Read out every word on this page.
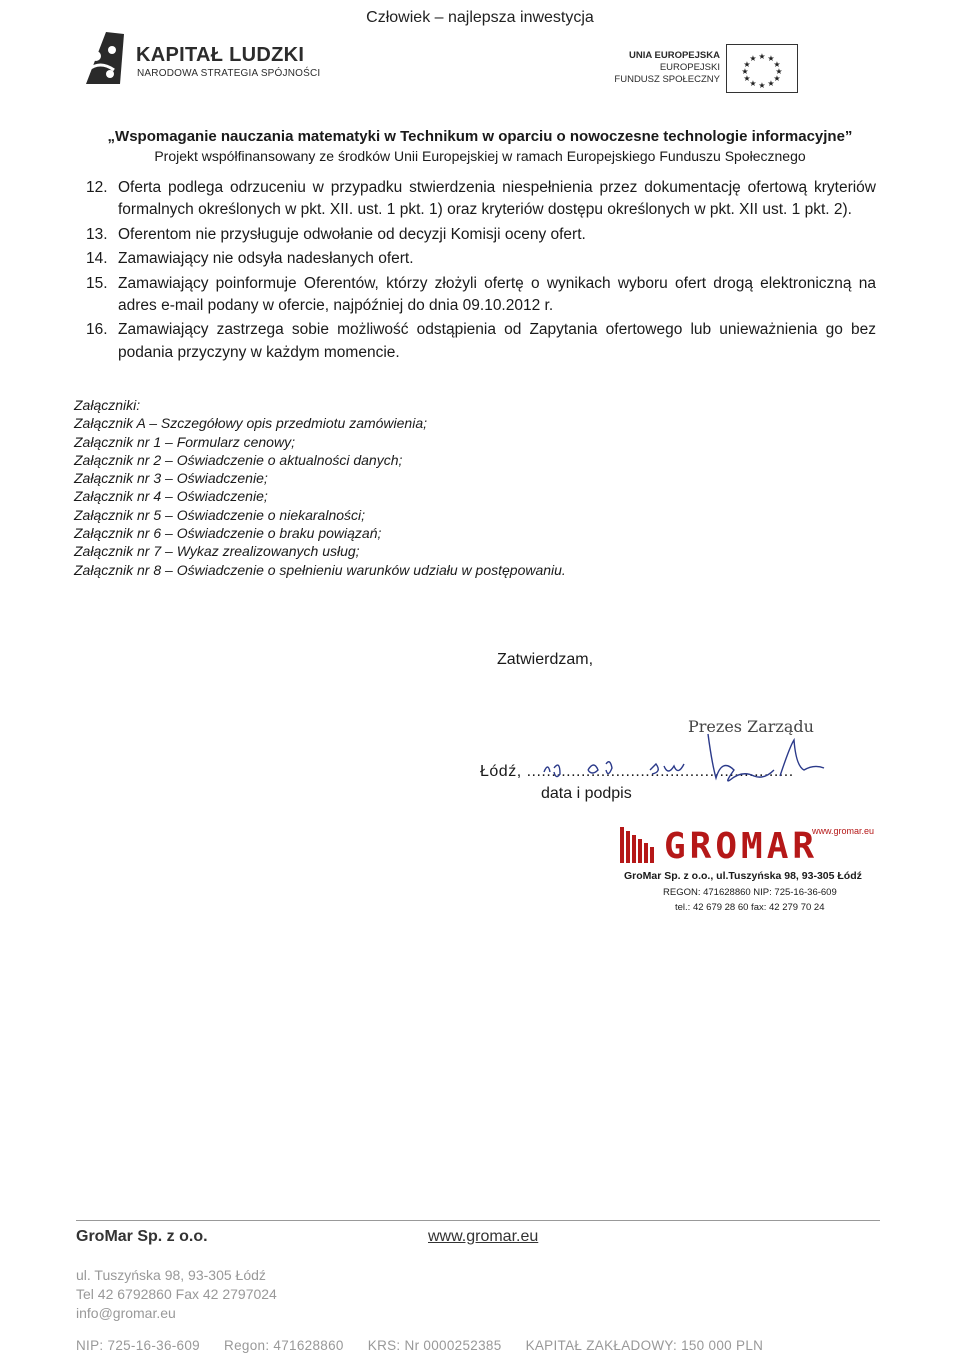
Człowiek – najlepsza inwestycja
KAPITAŁ LUDZKI
NARODOWA STRATEGIA SPÓJNOŚCI
UNIA EUROPEJSKA
EUROPEJSKI
FUNDUSZ SPOŁECZNY
★ ★
★
★
★
★
★
★
★
★
★
★
„Wspomaganie nauczania matematyki w Technikum w oparciu o nowoczesne technologie informacyjne”
Projekt współfinansowany ze środków Unii Europejskiej w ramach Europejskiego Funduszu Społecznego
12. Oferta podlega odrzuceniu w przypadku stwierdzenia niespełnienia przez dokumentację ofertową kryteriów formalnych określonych w pkt. XII. ust. 1 pkt. 1) oraz kryteriów dostępu określonych w pkt. XII ust. 1 pkt. 2).
13. Oferentom nie przysługuje odwołanie od decyzji Komisji oceny ofert.
14. Zamawiający nie odsyła nadesłanych ofert.
15. Zamawiający poinformuje Oferentów, którzy złożyli ofertę o wynikach wyboru ofert drogą elektroniczną na adres e-mail podany w ofercie, najpóźniej do dnia 09.10.2012 r.
16. Zamawiający zastrzega sobie możliwość odstąpienia od Zapytania ofertowego lub unieważnienia go bez podania przyczyny w każdym momencie.
Załączniki:
Załącznik A – Szczegółowy opis przedmiotu zamówienia;
Załącznik nr 1 – Formularz cenowy;
Załącznik nr 2 – Oświadczenie o aktualności danych;
Załącznik nr 3 – Oświadczenie;
Załącznik nr 4 – Oświadczenie;
Załącznik nr 5 – Oświadczenie o niekaralności;
Załącznik nr 6 – Oświadczenie o braku powiązań;
Załącznik nr 7 – Wykaz zrealizowanych usług;
Załącznik nr 8 – Oświadczenie o spełnieniu warunków udziału w postępowaniu.
Zatwierdzam,
Prezes Zarządu
Łódź, ......................................................
data i podpis
GROMAR
www.gromar.eu
GroMar Sp. z o.o., ul.Tuszyńska 98, 93-305 Łódź
REGON: 471628860 NIP: 725-16-36-609
tel.: 42 679 28 60 fax: 42 279 70 24
GroMar Sp. z o.o.	www.gromar.eu
ul. Tuszyńska 98, 93-305 Łódź
Tel 42 6792860 Fax 42 2797024
info@gromar.eu
NIP: 725-16-36-609 Regon: 471628860 KRS: Nr 0000252385 KAPITAŁ ZAKŁADOWY: 150 000 PLN
